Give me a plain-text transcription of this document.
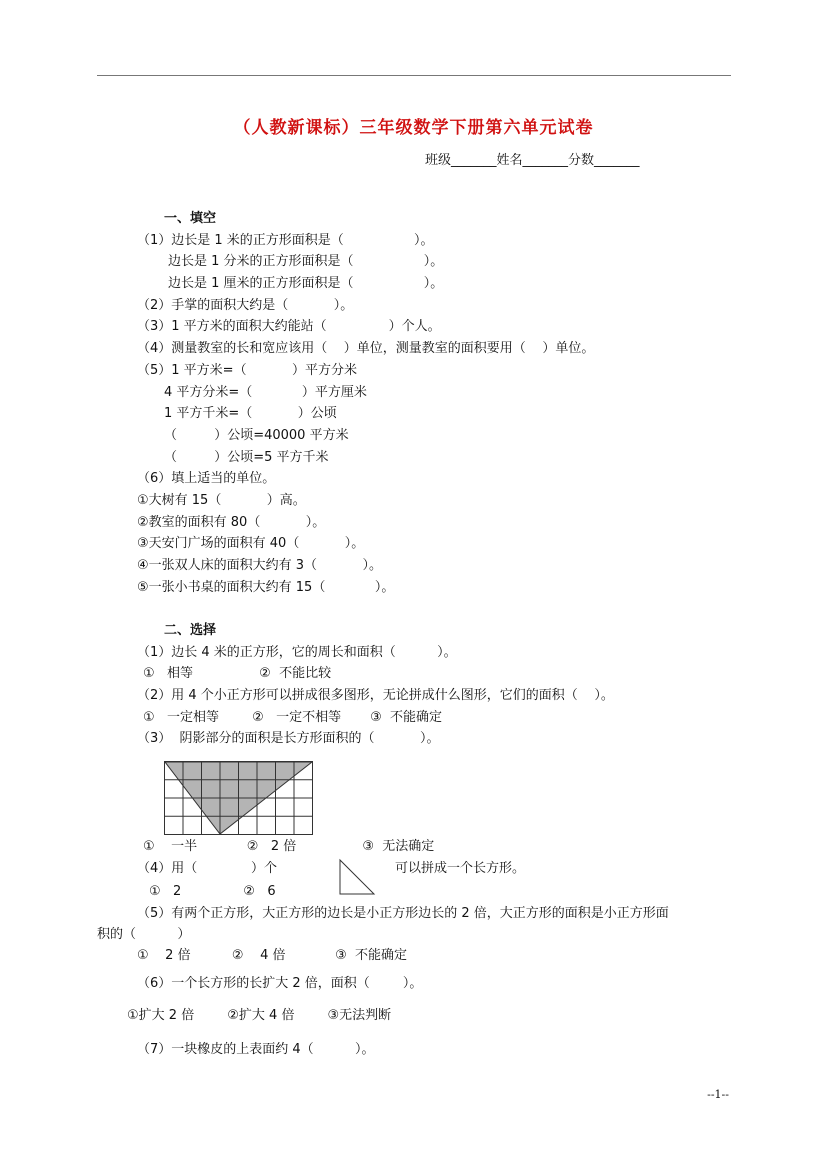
（人教新课标）三年级数学下册第六单元试卷
班级_______姓名_______分数_______
一、填空
（1）边长是 1 米的正方形面积是（                 ）。
边长是 1 分米的正方形面积是（                 ）。
边长是 1 厘米的正方形面积是（                 ）。
（2）手掌的面积大约是（           ）。
（3）1 平方米的面积大约能站（               ）个人。
（4）测量教室的长和宽应该用（    ）单位，测量教室的面积要用（    ）单位。
（5）1 平方米=（           ）平方分米
4 平方分米=（            ）平方厘米
1 平方千米=（           ）公顷
（         ）公顷=40000 平方米
（         ）公顷=5 平方千米
（6）填上适当的单位。
①大树有 15（           ）高。
②教室的面积有 80（           ）。
③天安门广场的面积有 40（           ）。
④一张双人床的面积大约有 3（           ）。
⑤一张小书桌的面积大约有 15（            ）。
二、选择
（1）边长 4 米的正方形，它的周长和面积（          ）。
①   相等                ②  不能比较
（2）用 4 个小正方形可以拼成很多图形，无论拼成什么图形，它们的面积（    ）。
①   一定相等        ②   一定不相等       ③  不能确定
（3）  阴影部分的面积是长方形面积的（           ）。
①    一半            ②   2 倍                ③  无法确定
（4）用（             ）个	可以拼成一个长方形。
①   2               ②   6
（5）有两个正方形，大正方形的边长是小正方形边长的 2 倍，大正方形的面积是小正方形面
积的（          ）
①    2 倍          ②    4 倍            ③  不能确定
（6）一个长方形的长扩大 2 倍，面积（        ）。
①扩大 2 倍        ②扩大 4 倍        ③无法判断
（7）一块橡皮的上表面约 4（          ）。
--1--
